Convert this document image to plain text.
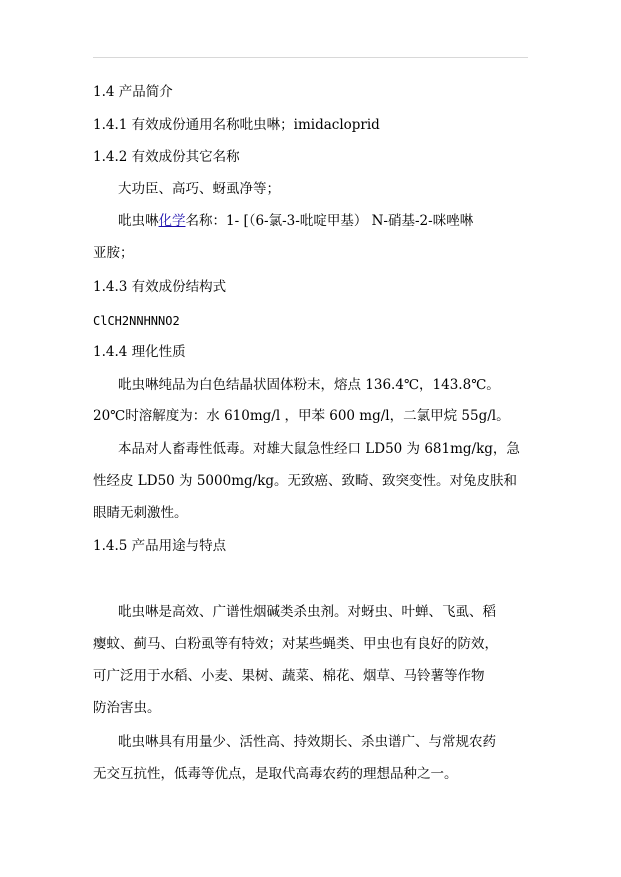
1.4 产品简介
1.4.1 有效成份通用名称吡虫啉；imidacloprid
1.4.2 有效成份其它名称
大功臣、高巧、蚜虱净等；
吡虫啉化学名称：1- [（6-氯-3-吡啶甲基） N-硝基-2-咪唑啉
亚胺；
1.4.3 有效成份结构式
ClCH2NNHNNO2
1.4.4 理化性质
吡虫啉纯品为白色结晶状固体粉末，熔点 136.4℃，143.8℃。
20℃时溶解度为：水 610mg/l ，甲苯 600 mg/l，二氯甲烷 55g/l。
本品对人畜毒性低毒。对雄大鼠急性经口 LD50 为 681mg/kg，急
性经皮 LD50 为 5000mg/kg。无致癌、致畸、致突变性。对兔皮肤和
眼睛无刺激性。
1.4.5 产品用途与特点
吡虫啉是高效、广谱性烟碱类杀虫剂。对蚜虫、叶蝉、飞虱、稻
瘿蚊、蓟马、白粉虱等有特效；对某些蝇类、甲虫也有良好的防效，
可广泛用于水稻、小麦、果树、蔬菜、棉花、烟草、马铃薯等作物
防治害虫。
吡虫啉具有用量少、活性高、持效期长、杀虫谱广、与常规农药
无交互抗性，低毒等优点，是取代高毒农药的理想品种之一。
